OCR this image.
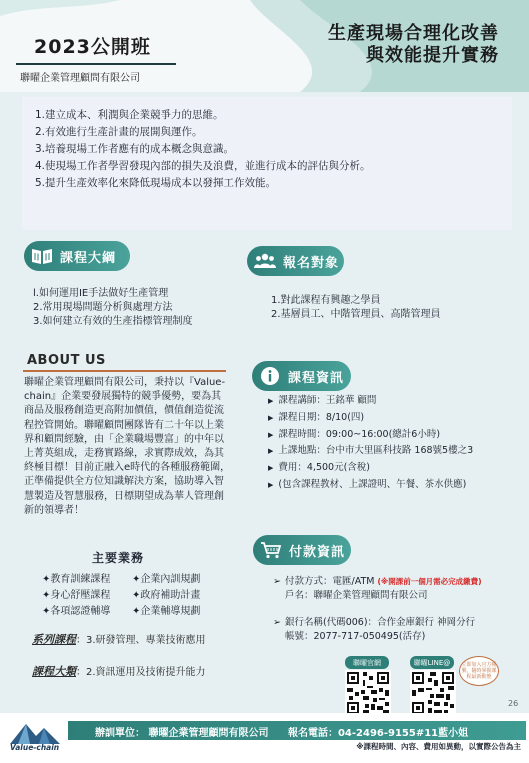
2023公開班
聯曜企業管理顧問有限公司
生產現場合理化改善
與效能提升實務
1.建立成本、利潤與企業競爭力的思維。
2.有效進行生產計畫的展開與運作。
3.培養現場工作者應有的成本概念與意識。
4.使現場工作者學習發現內部的損失及浪費，並進行成本的評估與分析。
5.提升生產效率化來降低現場成本以發揮工作效能。
課程大綱
l.如何運用IE手法做好生產管理
2.常用現場問題分析與處理方法
3.如何建立有效的生產指標管理制度
報名對象
1.對此課程有興趣之學員
2.基層員工、中階管理員、高階管理員
ABOUT US
聯曜企業管理顧問有限公司，秉持以『Value-chain』企業要發展獨特的競爭優勢，要為其商品及服務創造更高附加價值，價值創造從流程控管開始。聯曜顧問團隊皆有二十年以上業界和顧問經驗，由「企業職場豐富」的中年以上菁英組成，走務實路線，求實際成效，為其終極目標！目前正融入e時代的各種服務範圍，正準備提供全方位知識解決方案，協助導入智慧製造及智慧服務，日標期望成為華人管理創新的領導者！
主要業務
✦教育訓練課程	✦企業內訓規劃
✦身心舒壓課程	✦政府補助計畫
✦各項認證輔導	✦企業輔導規劃
系列課程：3.研發管理、專業技術應用
課程大類：2.資訊運用及技術提升能力
課程資訊
▶ 課程講師：王銘華 顧問
▶ 課程日期：8/10(四)
▶ 課程時間：09:00~16:00(總計6小時)
▶ 上課地點：台中市大里區科技路 168號5樓之3
▶ 費用：4,500元(含稅)
▶ (包含課程教材、上課證明、午餐、茶水供應)
付款資訊
➢ 付款方式：電匯/ATM (※開課前一個月需必完成繳費)
戶名：聯曜企業管理顧問有限公司
➢ 銀行名稱(代碼006)：合作金庫銀行 神岡分行
帳號：2077-717-050495(活存)
聯曜官網	聯曜LINE@	立即加入官方帳號，隨時掌握課程最新動態
26
Value-chain
辦訓單位： 聯曜企業管理顧問有限公司 報名電話：04-2496-9155#11藍小姐
※課程時間、內容、費用如異動，以實際公告為主
